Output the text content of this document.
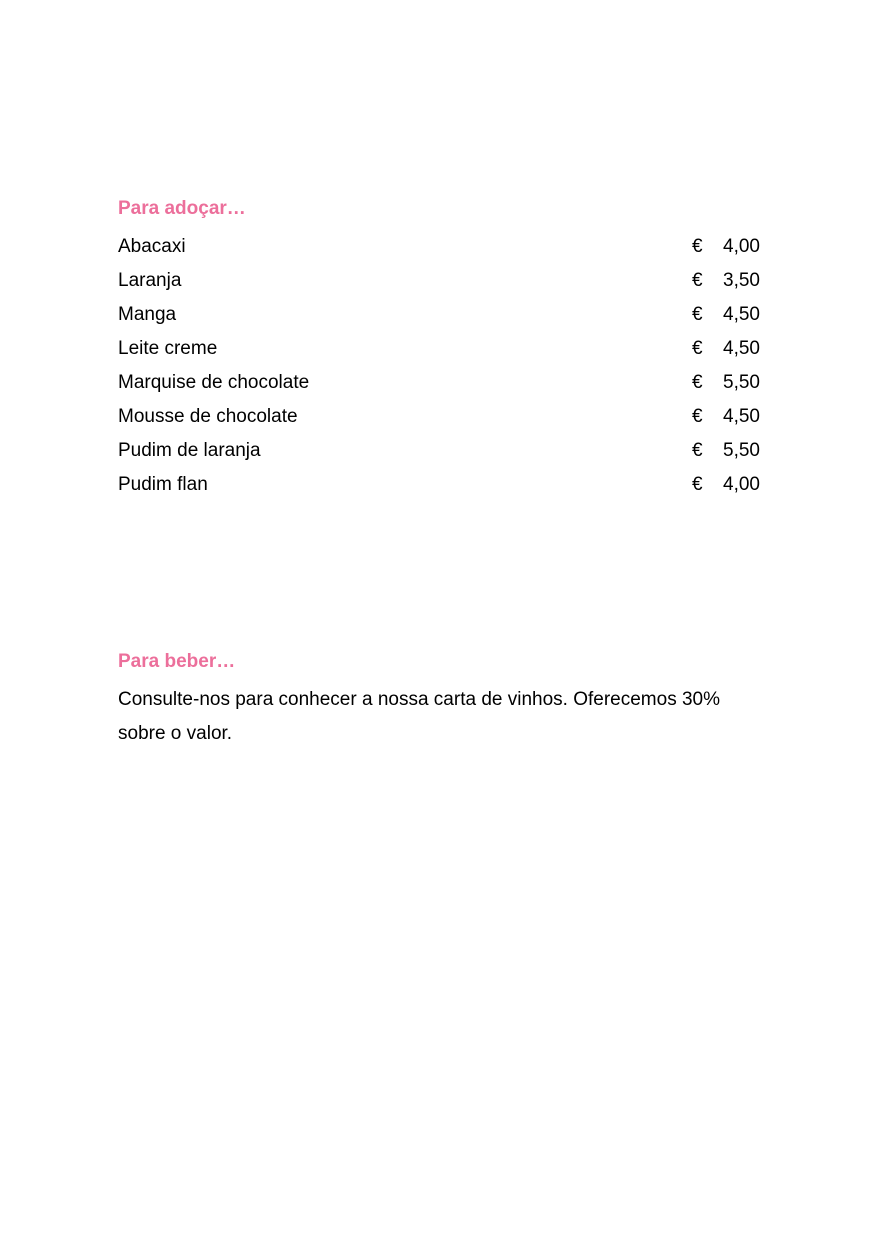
Para adoçar…
Abacaxi	€ 4,00
Laranja	€ 3,50
Manga	€ 4,50
Leite creme	€ 4,50
Marquise de chocolate	€ 5,50
Mousse de chocolate	€ 4,50
Pudim de laranja	€ 5,50
Pudim flan	€ 4,00
Para beber…

Consulte-nos para conhecer a nossa carta de vinhos. Oferecemos 30% sobre o valor.
